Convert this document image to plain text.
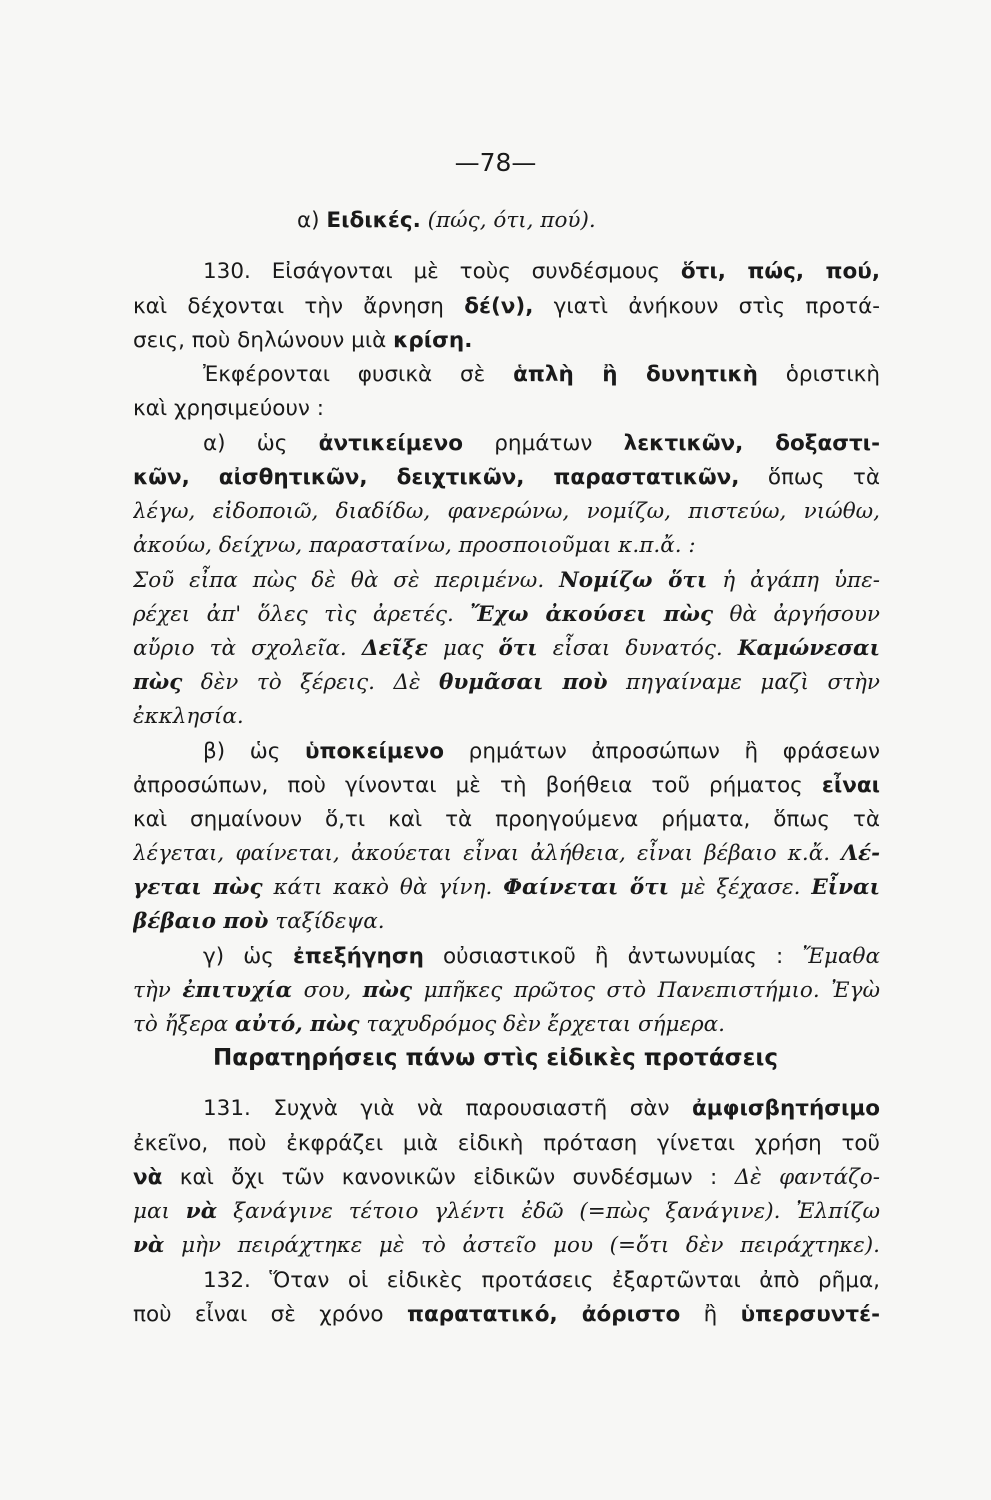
—78—
α) Ειδικές. (πώς, ότι, πού).
130. Εἰσάγονται μὲ τοὺς συνδέσμους ὅτι, πώς, πού,
καὶ δέχονται τὴν ἄρνηση δέ(ν), γιατὶ ἀνήκουν στὶς προτά-
σεις, ποὺ δηλώνουν μιὰ κρίση.
Ἐκφέρονται φυσικὰ σὲ ἁπλὴ ἢ δυνητικὴ ὁριστικὴ
καὶ χρησιμεύουν :
α) ὡς ἀντικείμενο ρημάτων λεκτικῶν, δοξαστι-
κῶν, αἰσθητικῶν, δειχτικῶν, παραστατικῶν, ὅπως τὰ
λέγω, εἰδοποιῶ, διαδίδω, φανερώνω, νομίζω, πιστεύω, νιώθω,
ἀκούω, δείχνω, παρασταίνω, προσποιοῦμαι κ.π.ἄ. :
Σοῦ εἶπα πὼς δὲ θὰ σὲ περιμένω. Νομίζω ὅτι ἡ ἀγάπη ὑπε-
ρέχει ἀπ' ὅλες τὶς ἀρετές. Ἔχω ἀκούσει πὼς θὰ ἀργήσουν
αὔριο τὰ σχολεῖα. Δεῖξε μας ὅτι εἶσαι δυνατός. Καμώνεσαι
πὼς δὲν τὸ ξέρεις. Δὲ θυμᾶσαι ποὺ πηγαίναμε μαζὶ στὴν
ἐκκλησία.
β) ὡς ὑποκείμενο ρημάτων ἀπροσώπων ἢ φράσεων
ἀπροσώπων, ποὺ γίνονται μὲ τὴ βοήθεια τοῦ ρήματος εἶναι
καὶ σημαίνουν ὅ,τι καὶ τὰ προηγούμενα ρήματα, ὅπως τὰ
λέγεται, φαίνεται, ἀκούεται εἶναι ἀλήθεια, εἶναι βέβαιο κ.ἄ. Λέ-
γεται πὼς κάτι κακὸ θὰ γίνη. Φαίνεται ὅτι μὲ ξέχασε. Εἶναι
βέβαιο ποὺ ταξίδεψα.
γ) ὡς ἐπεξήγηση οὐσιαστικοῦ ἢ ἀντωνυμίας : Ἔμαθα
τὴν ἐπιτυχία σου, πὼς μπῆκες πρῶτος στὸ Πανεπιστήμιο. Ἐγὼ
τὸ ἤξερα αὐτό, πὼς ταχυδρόμος δὲν ἔρχεται σήμερα.
131. Συχνὰ γιὰ νὰ παρουσιαστῆ σὰν ἀμφισβητήσιμο
ἐκεῖνο, ποὺ ἐκφράζει μιὰ εἰδικὴ πρόταση γίνεται χρήση τοῦ
νὰ καὶ ὄχι τῶν κανονικῶν εἰδικῶν συνδέσμων : Δὲ φαντάζο-
μαι νὰ ξανάγινε τέτοιο γλέντι ἐδῶ (=πὼς ξανάγινε). Ἐλπίζω
νὰ μὴν πειράχτηκε μὲ τὸ ἀστεῖο μου (=ὅτι δὲν πειράχτηκε).
132. Ὅταν οἱ εἰδικὲς προτάσεις ἐξαρτῶνται ἀπὸ ρῆμα,
ποὺ εἶναι σὲ χρόνο παρατατικό, ἀόριστο ἢ ὑπερσυντέ-
Παρατηρήσεις πάνω στὶς εἰδικὲς προτάσεις
